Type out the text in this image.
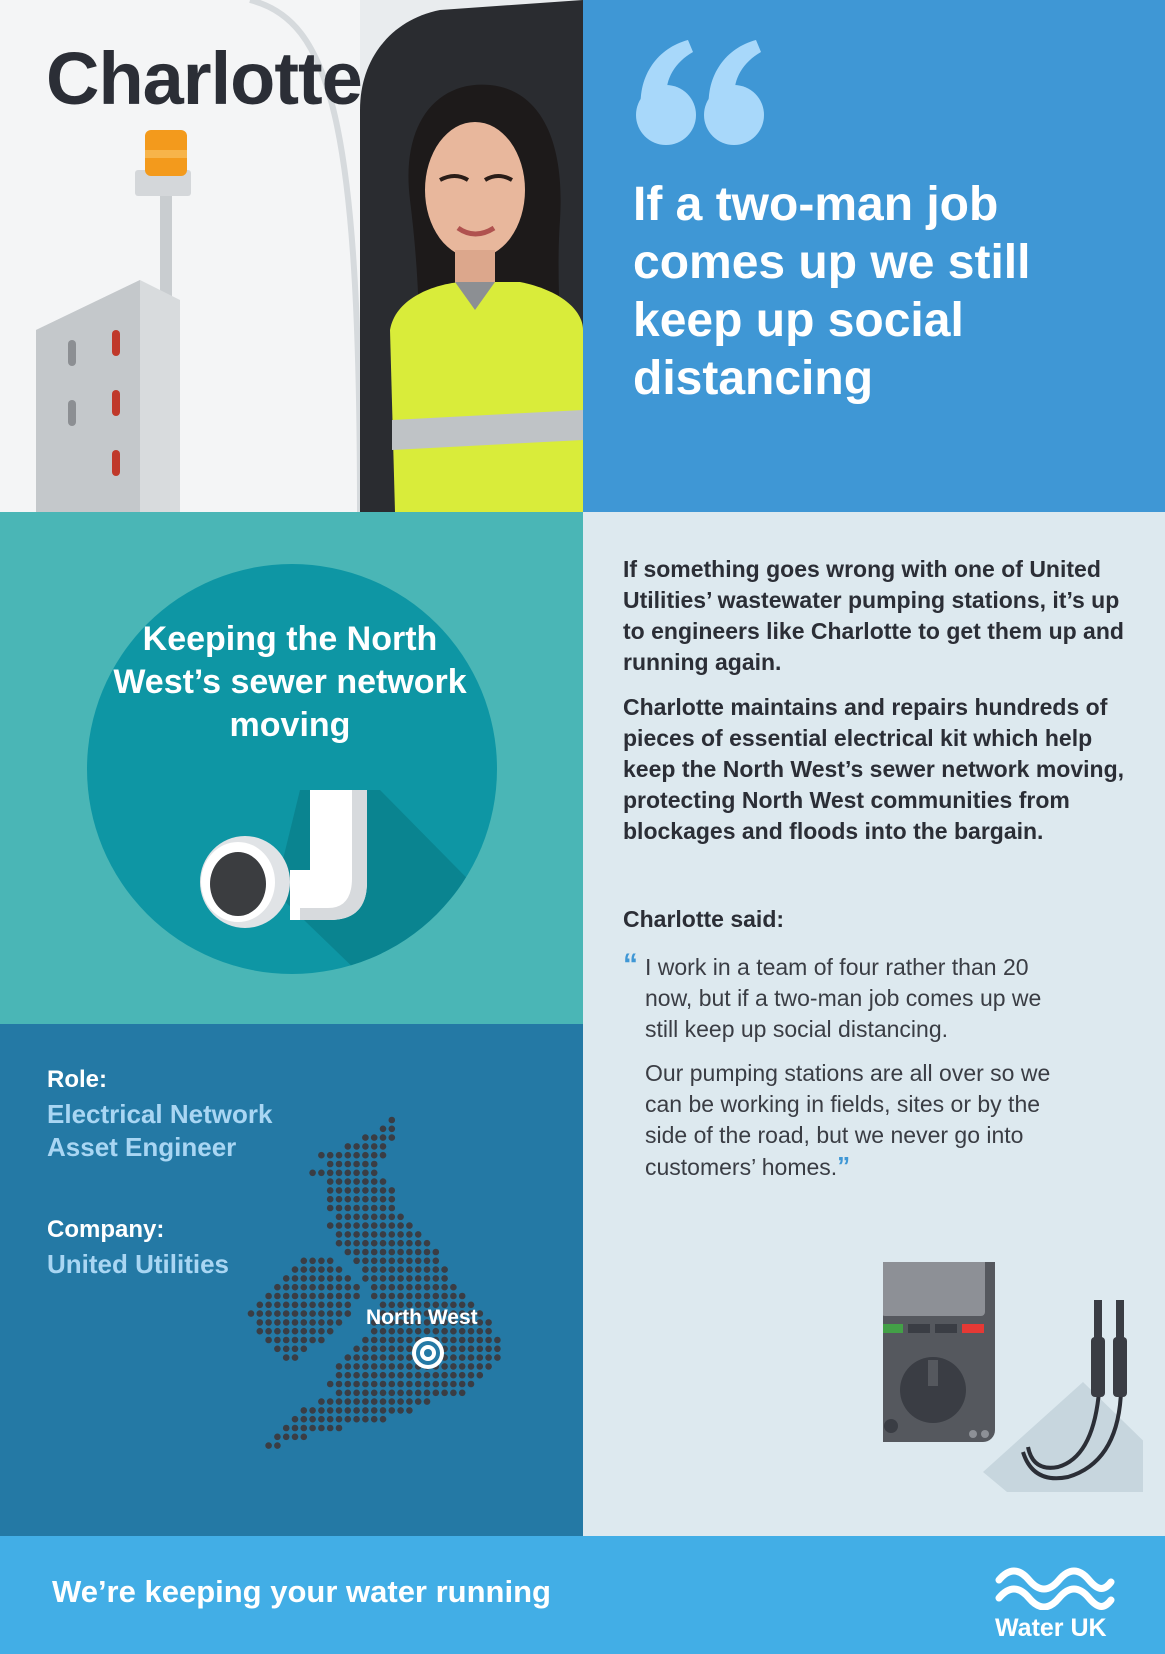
Charlotte
If a two-man job comes up we still keep up social distancing
Keeping the North West’s sewer network moving
Role:
Electrical Network Asset Engineer
Company:
United Utilities
North West
If something goes wrong with one of United Utilities’ wastewater pumping stations, it’s up to engineers like Charlotte to get them up and running again.
Charlotte maintains and repairs hundreds of pieces of essential electrical kit which help keep the North West’s sewer network moving, protecting North West communities from blockages and floods into the bargain.
Charlotte said:
“ I work in a team of four rather than 20 now, but if a two-man job comes up we still keep up social distancing.
Our pumping stations are all over so we can be working in fields, sites or by the side of the road, but we never go into customers’ homes.”
We’re keeping your water running
Water UK
